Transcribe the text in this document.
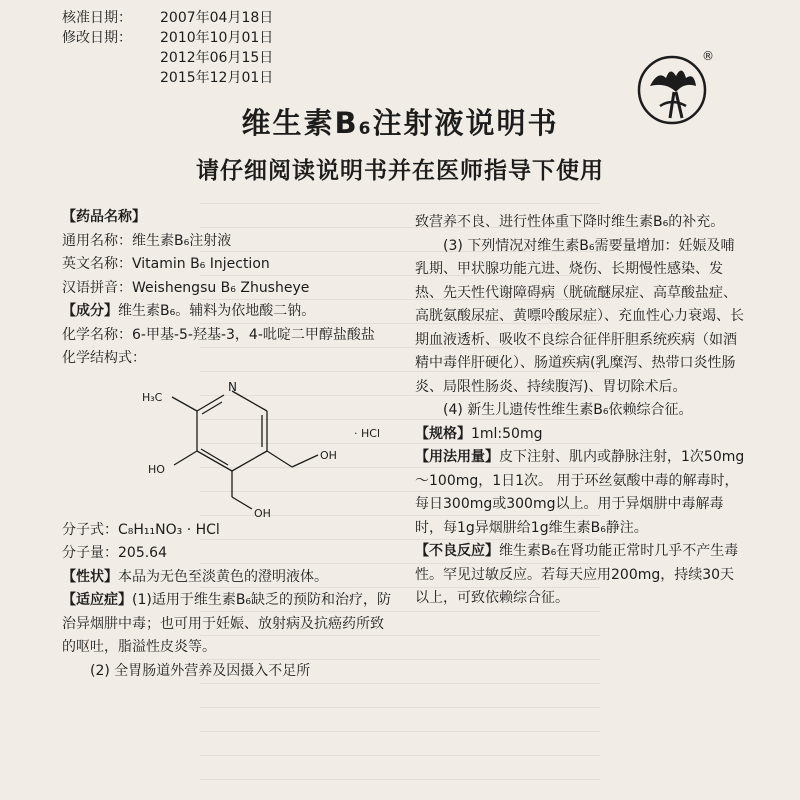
核准日期： 2007年04月18日
修改日期： 2010年10月01日
2012年06月15日
2015年12月01日
®
维生素$B_6$注射液说明书
请仔细阅读说明书并在医师指导下使用

【药品名称】

通用名称：维生素B₆注射液

英文名称：Vitamin B₆ Injection

汉语拼音：Weishengsu B₆ Zhusheye

【成分】维生素B₆。辅料为依地酸二钠。

化学名称：6-甲基-5-羟基-3，4-吡啶二甲醇盐酸盐

化学结构式：

N
H₃C
HO
OH
OH
· HCl

分子式：C₈H₁₁NO₃ · HCl

分子量：205.64

【性状】本品为无色至淡黄色的澄明液体。

【适应症】(1)适用于维生素B₆缺乏的预防和治疗，防治异烟肼中毒；也可用于妊娠、放射病及抗癌药所致的呕吐，脂溢性皮炎等。

(2) 全胃肠道外营养及因摄入不足所

致营养不良、进行性体重下降时维生素B₆的补充。

(3) 下列情况对维生素B₆需要量增加：妊娠及哺乳期、甲状腺功能亢进、烧伤、长期慢性感染、发热、先天性代谢障碍病（胱硫醚尿症、高草酸盐症、高胱氨酸尿症、黄嘌呤酸尿症）、充血性心力衰竭、长期血液透析、吸收不良综合征伴肝胆系统疾病（如酒精中毒伴肝硬化）、肠道疾病(乳糜泻、热带口炎性肠炎、局限性肠炎、持续腹泻)、胃切除术后。

(4) 新生儿遗传性维生素B₆依赖综合征。

【规格】1ml:50mg

【用法用量】皮下注射、肌内或静脉注射，1次50mg～100mg，1日1次。 用于环丝氨酸中毒的解毒时， 每日300mg或300mg以上。用于异烟肼中毒解毒时，每1g异烟肼给1g维生素B₆静注。

【不良反应】维生素B₆在肾功能正常时几乎不产生毒性。罕见过敏反应。若每天应用200mg，持续30天以上，可致依赖综合征。
